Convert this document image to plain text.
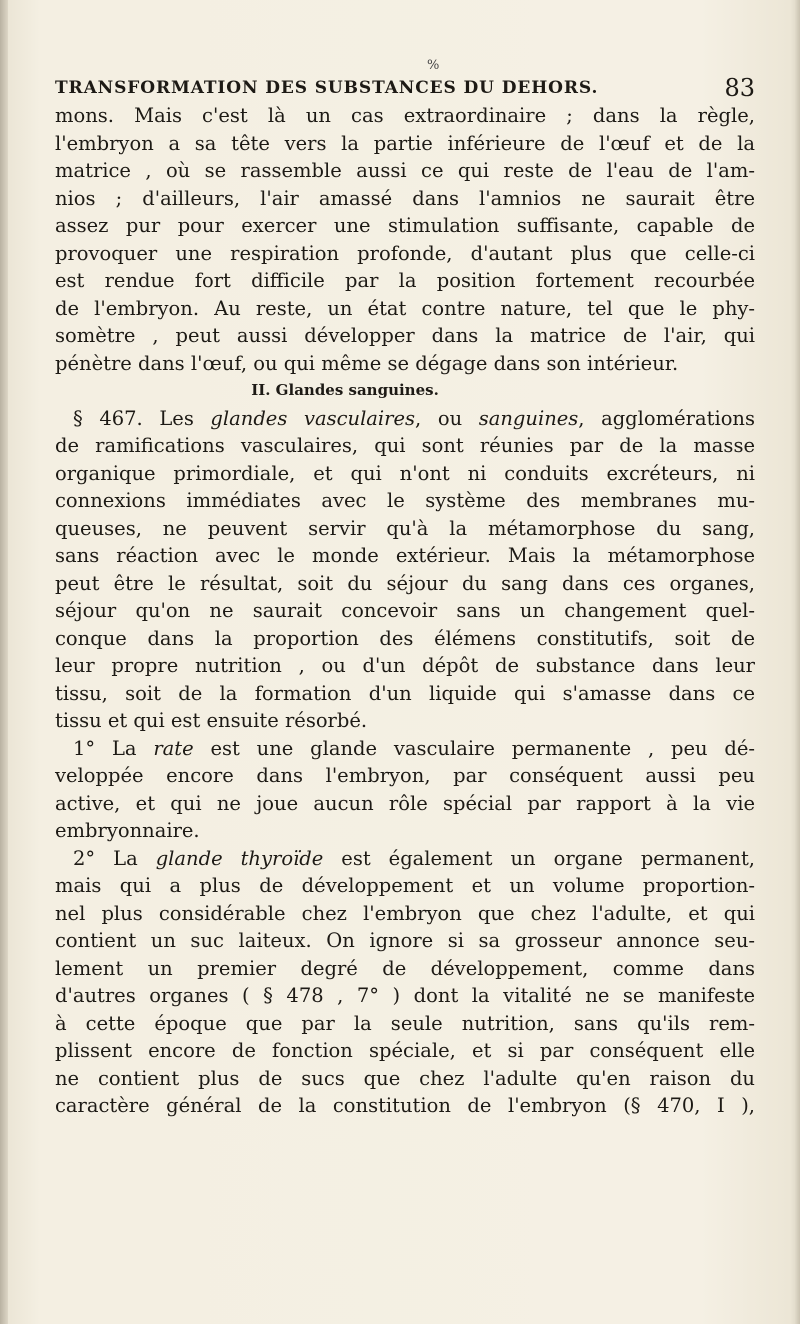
%
TRANSFORMATION DES SUBSTANCES DU DEHORS.	83
mons. Mais c'est là un cas extraordinaire ; dans la règle,
l'embryon a sa tête vers la partie inférieure de l'œuf et de la
matrice , où se rassemble aussi ce qui reste de l'eau de l'am-
nios ; d'ailleurs, l'air amassé dans l'amnios ne saurait être
assez pur pour exercer une stimulation suffisante, capable de
provoquer une respiration profonde, d'autant plus que celle-ci
est rendue fort difficile par la position fortement recourbée
de l'embryon. Au reste, un état contre nature, tel que le phy-
somètre , peut aussi développer dans la matrice de l'air, qui
pénètre dans l'œuf, ou qui même se dégage dans son intérieur.
II. Glandes sanguines.
§ 467. Les glandes vasculaires, ou sanguines, agglomérations
de ramifications vasculaires, qui sont réunies par de la masse
organique primordiale, et qui n'ont ni conduits excréteurs, ni
connexions immédiates avec le système des membranes mu-
queuses, ne peuvent servir qu'à la métamorphose du sang,
sans réaction avec le monde extérieur. Mais la métamorphose
peut être le résultat, soit du séjour du sang dans ces organes,
séjour qu'on ne saurait concevoir sans un changement quel-
conque dans la proportion des élémens constitutifs, soit de
leur propre nutrition , ou d'un dépôt de substance dans leur
tissu, soit de la formation d'un liquide qui s'amasse dans ce
tissu et qui est ensuite résorbé.
1° La rate est une glande vasculaire permanente , peu dé-
veloppée encore dans l'embryon, par conséquent aussi peu
active, et qui ne joue aucun rôle spécial par rapport à la vie
embryonnaire.
2° La glande thyroïde est également un organe permanent,
mais qui a plus de développement et un volume proportion-
nel plus considérable chez l'embryon que chez l'adulte, et qui
contient un suc laiteux. On ignore si sa grosseur annonce seu-
lement un premier degré de développement, comme dans
d'autres organes ( § 478 , 7° ) dont la vitalité ne se manifeste
à cette époque que par la seule nutrition, sans qu'ils rem-
plissent encore de fonction spéciale, et si par conséquent elle
ne contient plus de sucs que chez l'adulte qu'en raison du
caractère général de la constitution de l'embryon (§ 470, I ),
